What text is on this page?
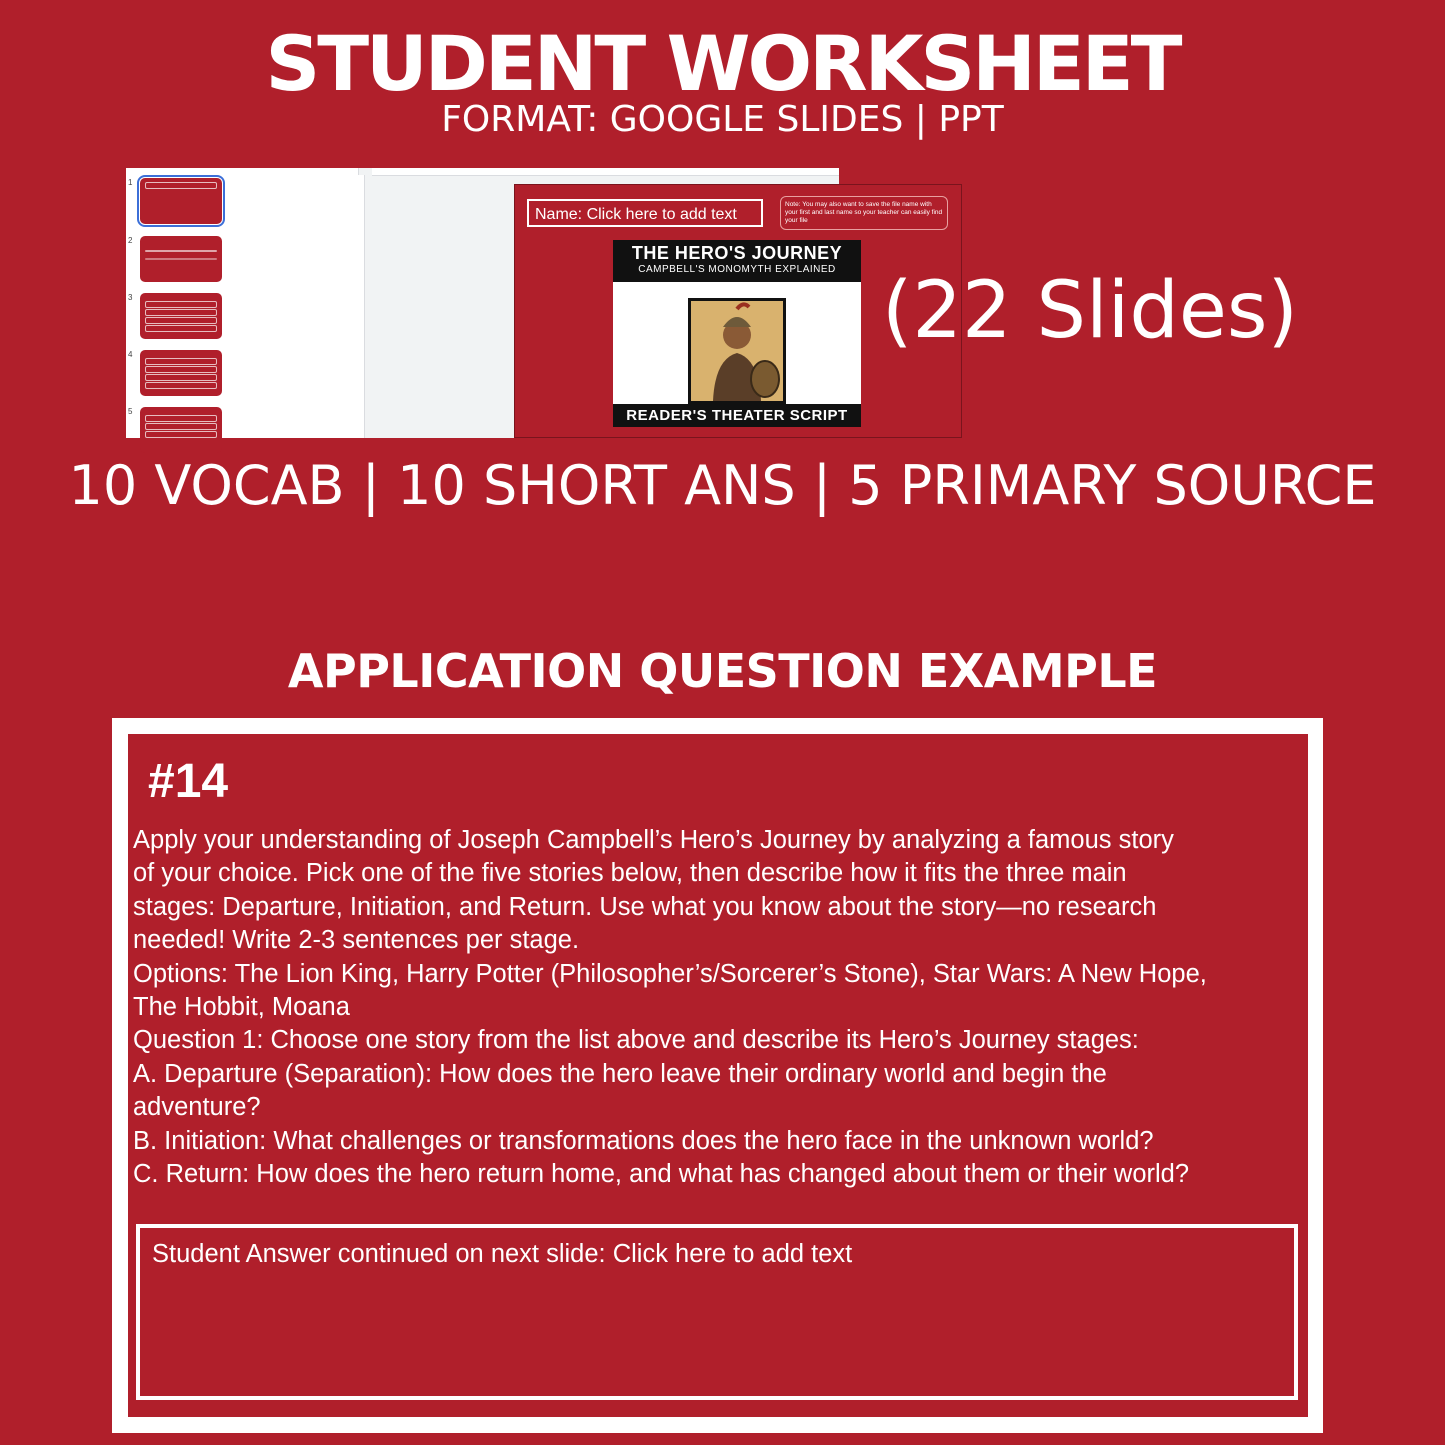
STUDENT WORKSHEET
FORMAT: GOOGLE SLIDES | PPT
1
2
3
4
5
Name: Click here to add text
Note: You may also want to save the file name with your first and last name so your teacher can easily find your file
THE HERO'S JOURNEY
CAMPBELL'S MONOMYTH EXPLAINED
READER'S THEATER SCRIPT
(22 Slides)
10 VOCAB | 10 SHORT ANS | 5 PRIMARY SOURCE
APPLICATION QUESTION EXAMPLE
#14
Apply your understanding of Joseph Campbell’s Hero’s Journey by analyzing a famous story
of your choice. Pick one of the five stories below, then describe how it fits the three main
stages: Departure, Initiation, and Return. Use what you know about the story—no research
needed! Write 2-3 sentences per stage.
Options: The Lion King, Harry Potter (Philosopher’s/Sorcerer’s Stone), Star Wars: A New Hope,
The Hobbit, Moana
Question 1: Choose one story from the list above and describe its Hero’s Journey stages:
A. Departure (Separation): How does the hero leave their ordinary world and begin the
adventure?
B. Initiation: What challenges or transformations does the hero face in the unknown world?
C. Return: How does the hero return home, and what has changed about them or their world?
Student Answer continued on next slide: Click here to add text
